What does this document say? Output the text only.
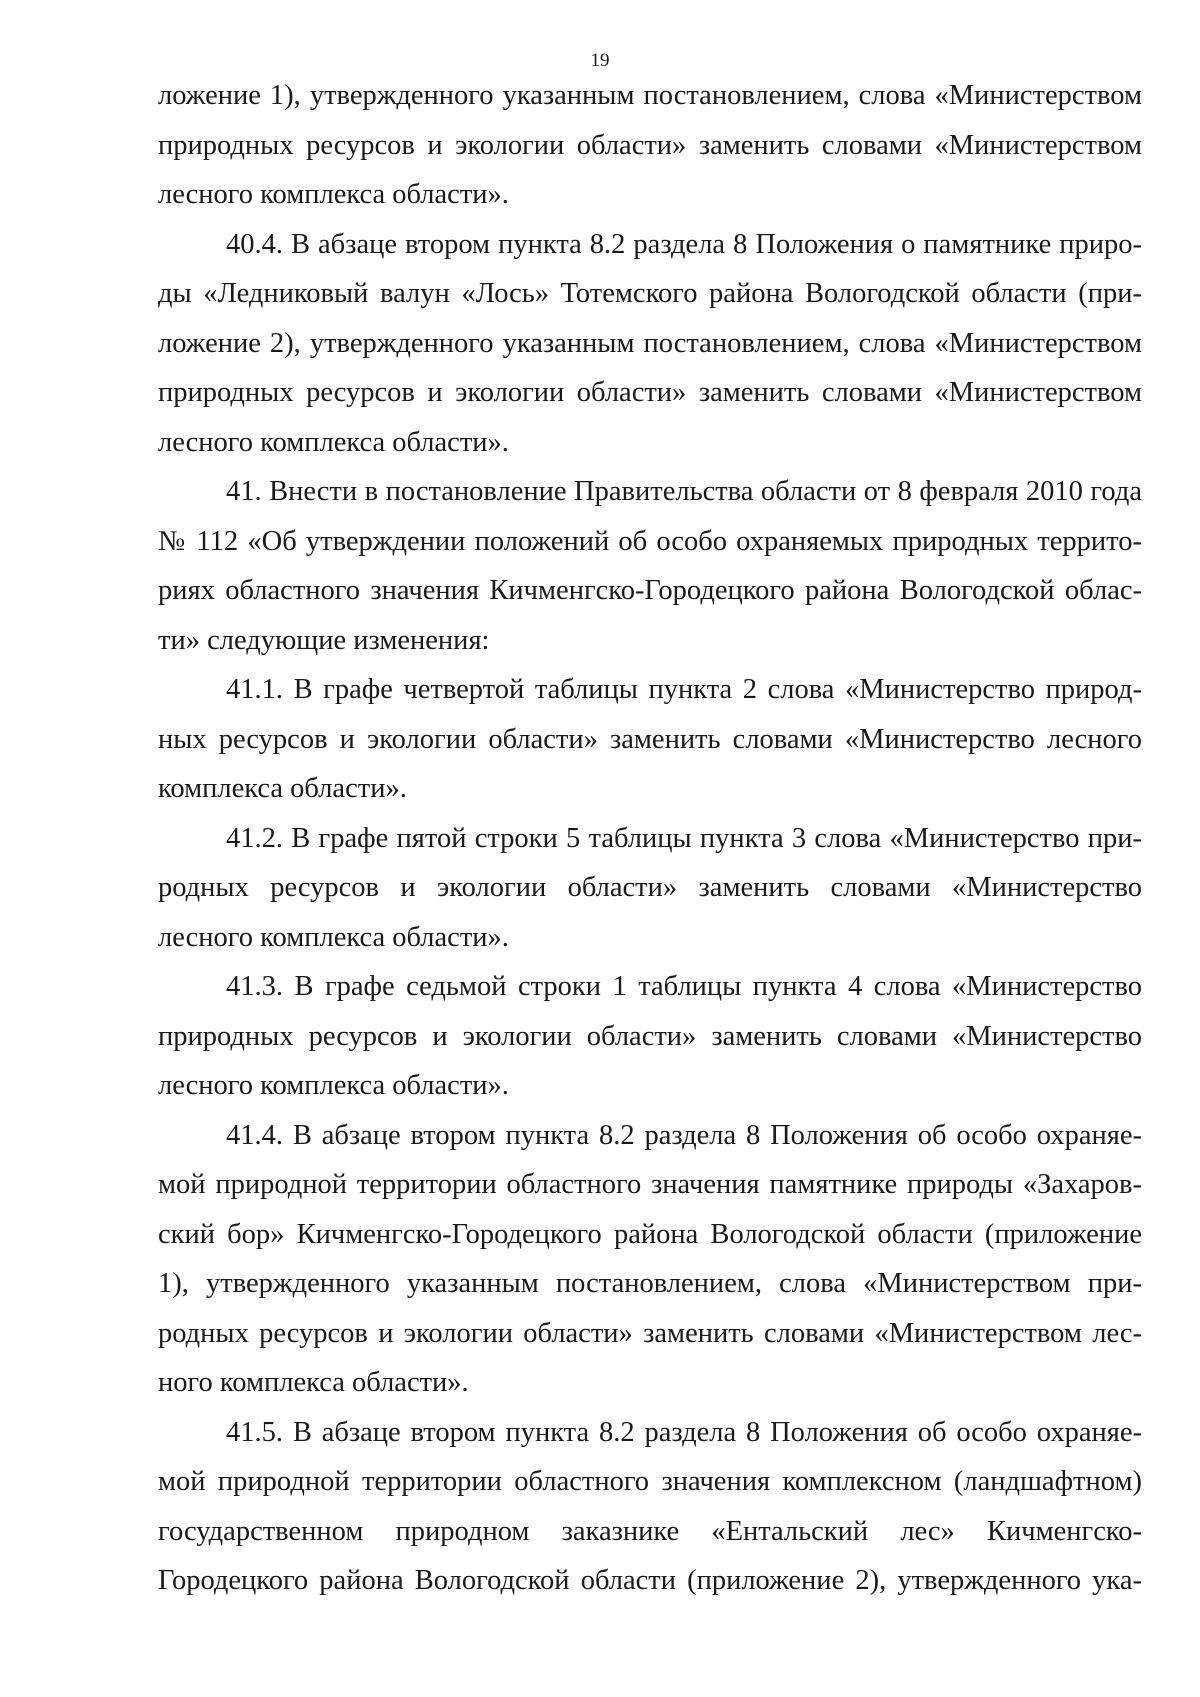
19

ложение 1), утвержденного указанным постановлением, слова «Министерством природных ресурсов и экологии области» заменить словами «Министерством лесного комплекса области».

40.4. В абзаце втором пункта 8.2 раздела 8 Положения о памятнике природы «Ледниковый валун «Лось» Тотемского района Вологодской области (приложение 2), утвержденного указанным постановлением, слова «Министерством природных ресурсов и экологии области» заменить словами «Министерством лесного комплекса области».

41. Внести в постановление Правительства области от 8 февраля 2010 года № 112 «Об утверждении положений об особо охраняемых природных территориях областного значения Кичменгско-Городецкого района Вологодской области» следующие изменения:

41.1. В графе четвертой таблицы пункта 2 слова «Министерство природных ресурсов и экологии области» заменить словами «Министерство лесного комплекса области».

41.2. В графе пятой строки 5 таблицы пункта 3 слова «Министерство природных ресурсов и экологии области» заменить словами «Министерство лесного комплекса области».

41.3. В графе седьмой строки 1 таблицы пункта 4 слова «Министерство природных ресурсов и экологии области» заменить словами «Министерство лесного комплекса области».

41.4. В абзаце втором пункта 8.2 раздела 8 Положения об особо охраняемой природной территории областного значения памятнике природы «Захаровский бор» Кичменгско-Городецкого района Вологодской области (приложение 1), утвержденного указанным постановлением, слова «Министерством природных ресурсов и экологии области» заменить словами «Министерством лесного комплекса области».

41.5. В абзаце втором пункта 8.2 раздела 8 Положения об особо охраняемой природной территории областного значения комплексном (ландшафтном) государственном природном заказнике «Ентальский лес» Кичменгско-Городецкого района Вологодской области (приложение 2), утвержденного ука-
